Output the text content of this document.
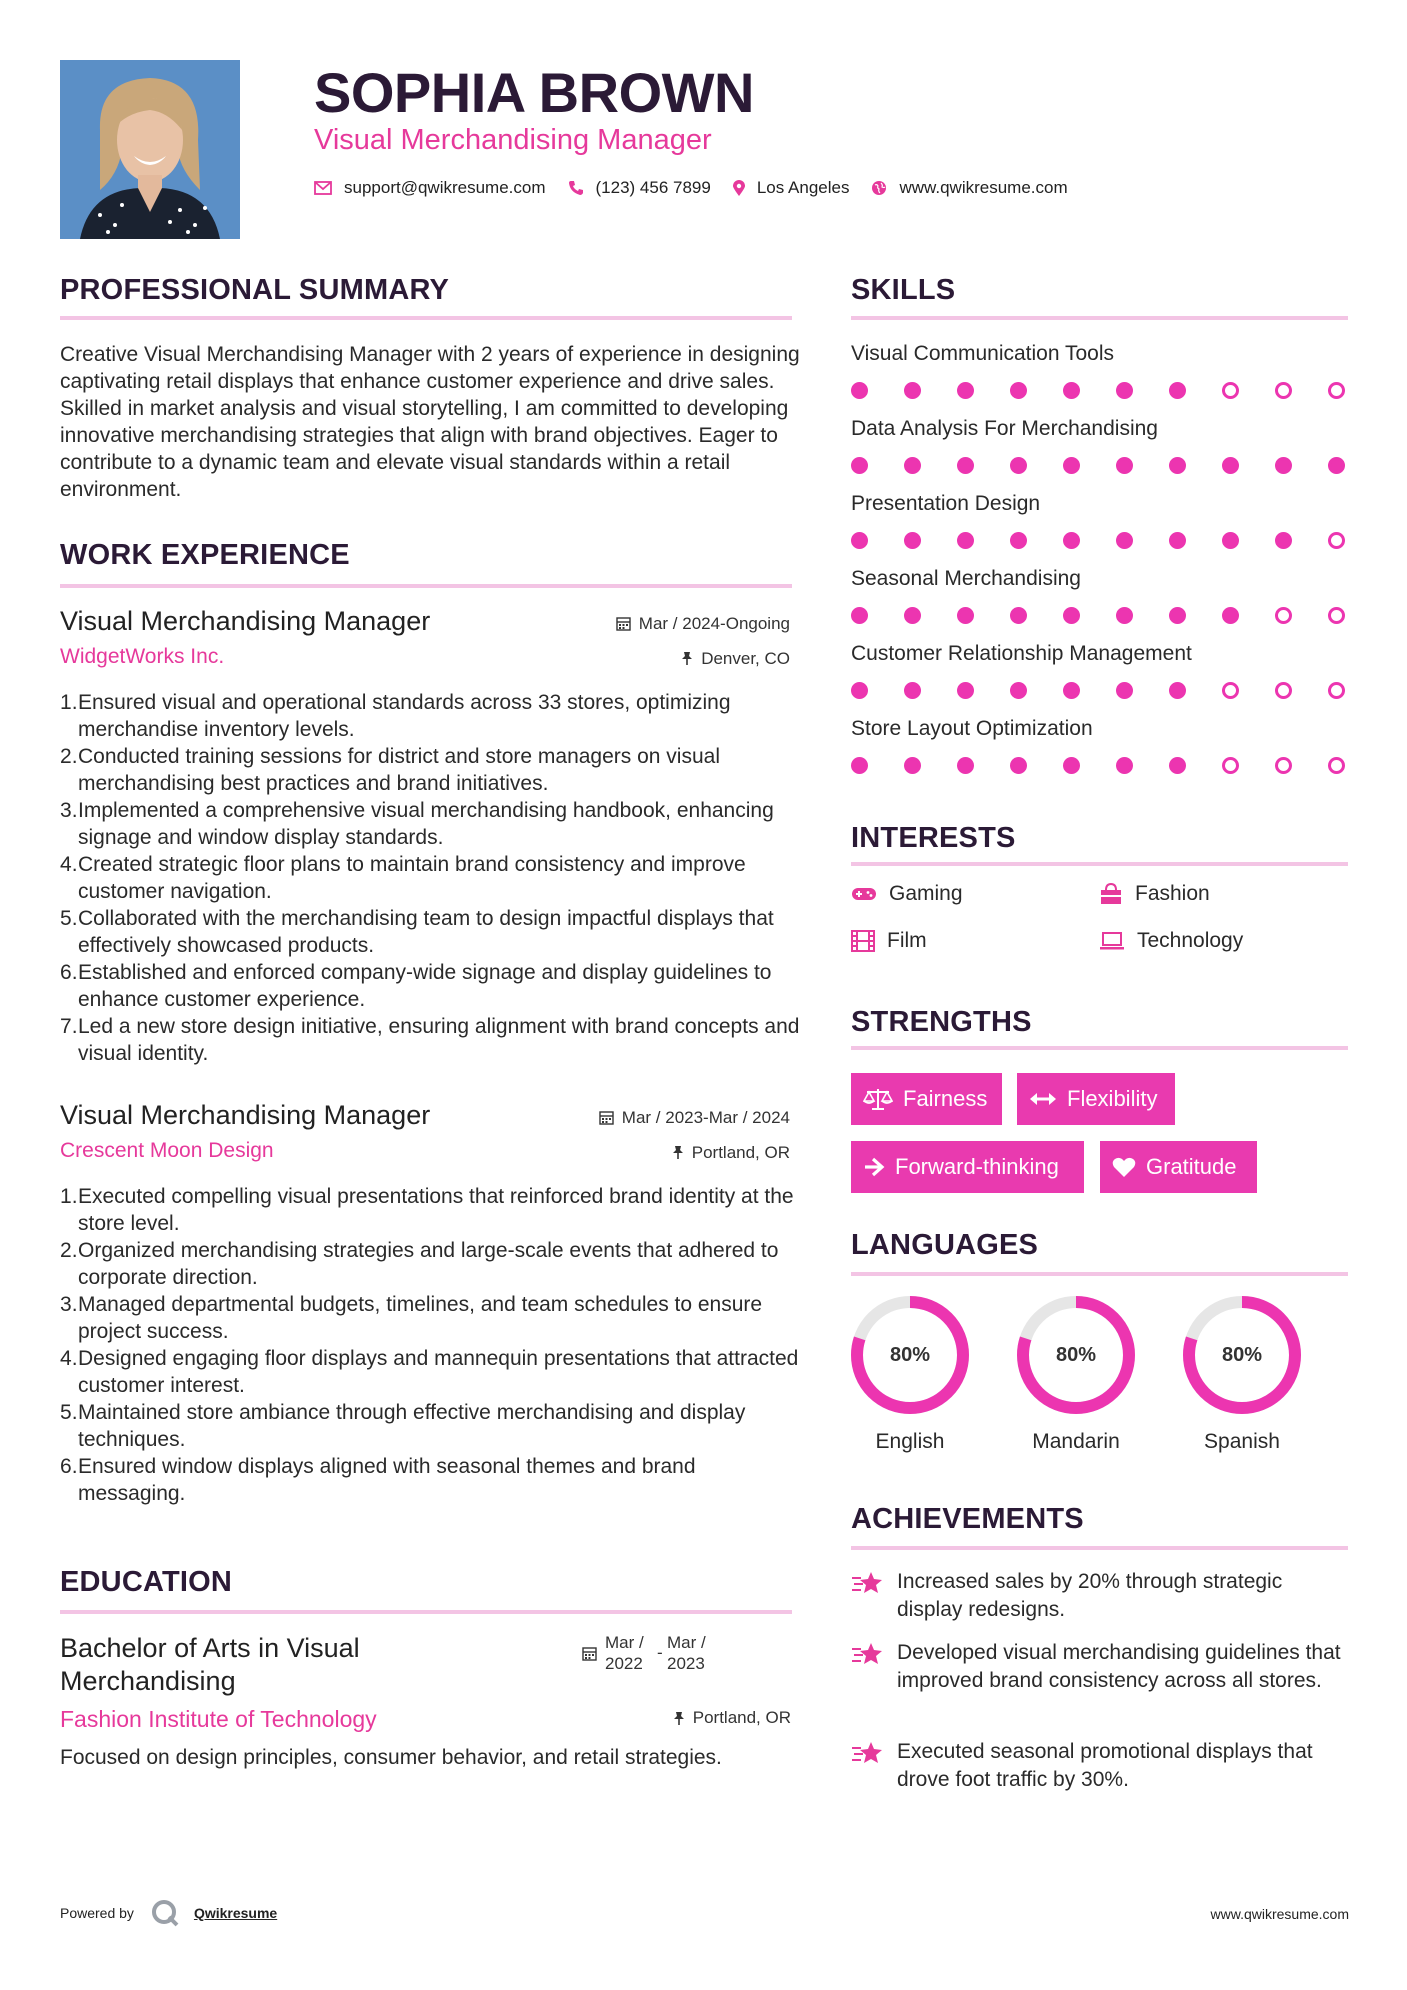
SOPHIA BROWN
Visual Merchandising Manager
support@qwikresume.com	(123) 456 7899	Los Angeles	www.qwikresume.com
PROFESSIONAL SUMMARY
Creative Visual Merchandising Manager with 2 years of experience in designing captivating retail displays that enhance customer experience and drive sales. Skilled in market analysis and visual storytelling, I am committed to developing innovative merchandising strategies that align with brand objectives. Eager to contribute to a dynamic team and elevate visual standards within a retail environment.
WORK EXPERIENCE
Visual Merchandising Manager
WidgetWorks Inc.
Mar / 2024-Ongoing
Denver, CO
Ensured visual and operational standards across 33 stores, optimizing merchandise inventory levels.
Conducted training sessions for district and store managers on visual merchandising best practices and brand initiatives.
Implemented a comprehensive visual merchandising handbook, enhancing signage and window display standards.
Created strategic floor plans to maintain brand consistency and improve customer navigation.
Collaborated with the merchandising team to design impactful displays that effectively showcased products.
Established and enforced company-wide signage and display guidelines to enhance customer experience.
Led a new store design initiative, ensuring alignment with brand concepts and visual identity.
Visual Merchandising Manager
Crescent Moon Design
Mar / 2023-Mar / 2024
Portland, OR
Executed compelling visual presentations that reinforced brand identity at the store level.
Organized merchandising strategies and large-scale events that adhered to corporate direction.
Managed departmental budgets, timelines, and team schedules to ensure project success.
Designed engaging floor displays and mannequin presentations that attracted customer interest.
Maintained store ambiance through effective merchandising and display techniques.
Ensured window displays aligned with seasonal themes and brand messaging.
EDUCATION
Bachelor of Arts in Visual
Merchandising
Mar /
2022
-
Mar /
2023
Fashion Institute of Technology	Portland, OR
Focused on design principles, consumer behavior, and retail strategies.
SKILLS
Visual Communication Tools
Data Analysis For Merchandising
Presentation Design
Seasonal Merchandising
Customer Relationship Management
Store Layout Optimization
INTERESTS
Gaming	Fashion
Film	Technology
STRENGTHS
Fairness	Flexibility
Forward-thinking	Gratitude
LANGUAGES
80%
English
80%
Mandarin
80%
Spanish
ACHIEVEMENTS
Increased sales by 20% through strategic display redesigns.
Developed visual merchandising guidelines that improved brand consistency across all stores.
Executed seasonal promotional displays that drove foot traffic by 30%.
Powered by	Qwikresume	www.qwikresume.com
